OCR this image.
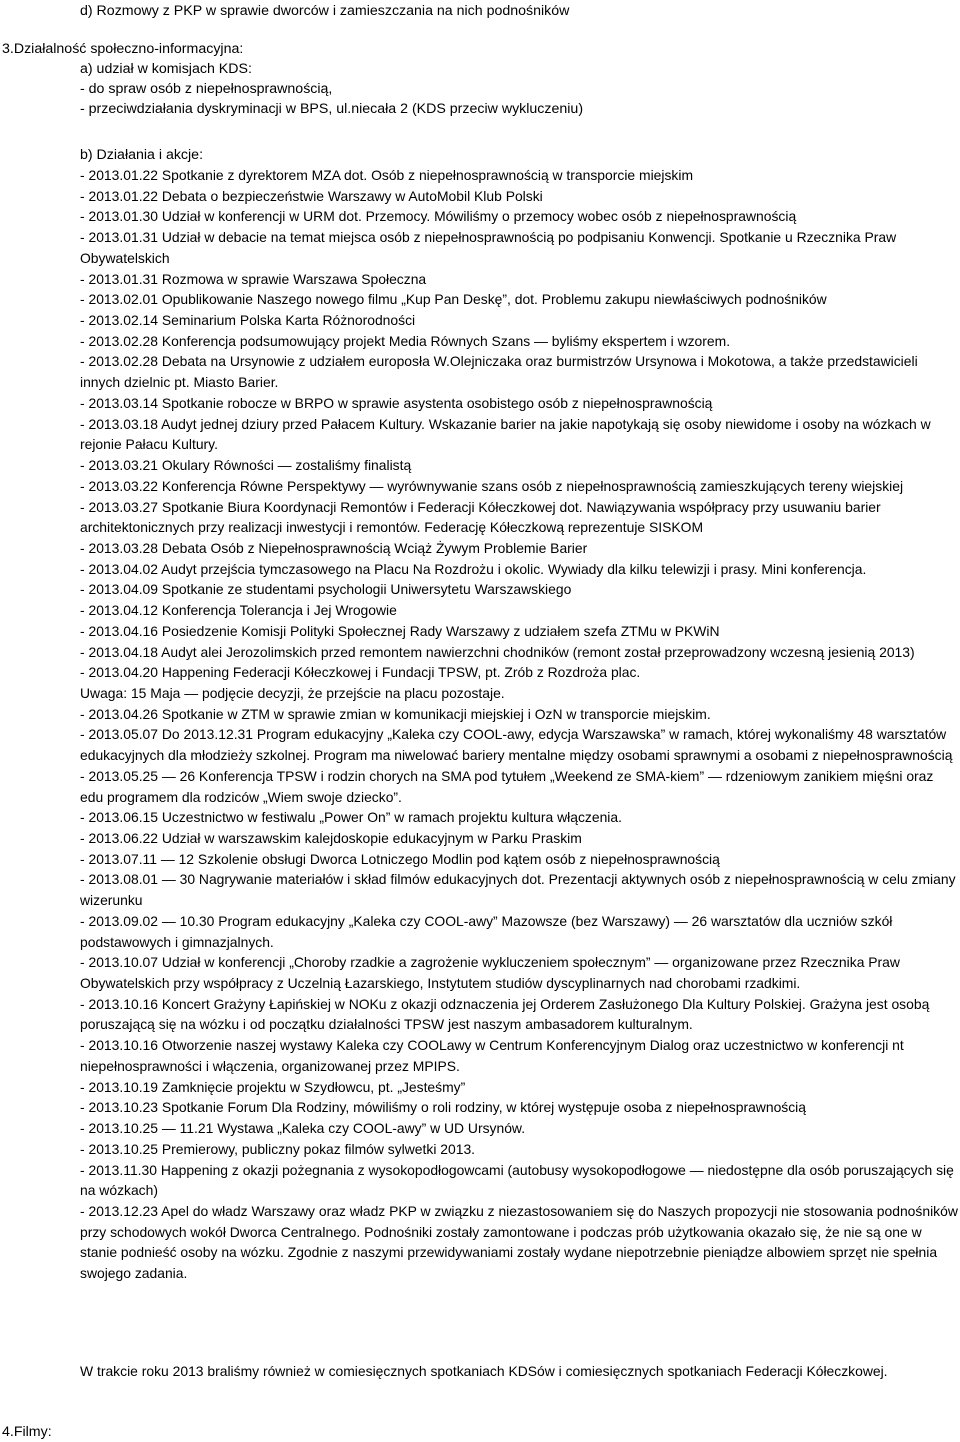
d) Rozmowy z PKP w sprawie dworców i zamieszczania na nich podnośników
3.Działalność społeczno-informacyjna:
a) udział w komisjach KDS:
- do spraw osób z niepełnosprawnością,
- przeciwdziałania dyskryminacji w BPS, ul.niecała 2 (KDS przeciw wykluczeniu)
b) Działania i akcje:

- 2013.01.22 Spotkanie z dyrektorem MZA dot. Osób z niepełnosprawnością w transporcie miejskim

- 2013.01.22 Debata o bezpieczeństwie Warszawy w AutoMobil Klub Polski

- 2013.01.30 Udział w konferencji w URM dot. Przemocy. Mówiliśmy o przemocy wobec osób z niepełnosprawnością

- 2013.01.31 Udział w debacie na temat miejsca osób z niepełnosprawnością po podpisaniu Konwencji. Spotkanie u Rzecznika Praw Obywatelskich

- 2013.01.31 Rozmowa w sprawie Warszawa Społeczna

- 2013.02.01 Opublikowanie Naszego nowego filmu „Kup Pan Deskę”, dot. Problemu zakupu niewłaściwych podnośników

- 2013.02.14 Seminarium Polska Karta Różnorodności

- 2013.02.28 Konferencja podsumowujący projekt Media Równych Szans — byliśmy ekspertem i wzorem.

- 2013.02.28 Debata na Ursynowie z udziałem europosła W.Olejniczaka oraz burmistrzów Ursynowa i Mokotowa, a także przedstawicieli innych dzielnic pt. Miasto Barier.

- 2013.03.14 Spotkanie robocze w BRPO w sprawie asystenta osobistego osób z niepełnosprawnością

- 2013.03.18 Audyt jednej dziury przed Pałacem Kultury. Wskazanie barier na jakie napotykają się osoby niewidome i osoby na wózkach w rejonie Pałacu Kultury.

- 2013.03.21 Okulary Równości — zostaliśmy finalistą

- 2013.03.22 Konferencja Równe Perspektywy — wyrównywanie szans osób z niepełnosprawnością zamieszkujących tereny wiejskiej

- 2013.03.27 Spotkanie Biura Koordynacji Remontów i Federacji Kółeczkowej dot. Nawiązywania współpracy przy usuwaniu barier architektonicznych przy realizacji inwestycji i remontów. Federację Kółeczkową reprezentuje SISKOM

- 2013.03.28 Debata Osób z Niepełnosprawnością Wciąż Żywym Problemie Barier

- 2013.04.02 Audyt przejścia tymczasowego na Placu Na Rozdrożu i okolic. Wywiady dla kilku telewizji i prasy. Mini konferencja.

- 2013.04.09 Spotkanie ze studentami psychologii Uniwersytetu Warszawskiego

- 2013.04.12 Konferencja Tolerancja i Jej Wrogowie

- 2013.04.16 Posiedzenie Komisji Polityki Społecznej Rady Warszawy z udziałem szefa ZTMu w PKWiN

- 2013.04.18 Audyt alei Jerozolimskich przed remontem nawierzchni chodników (remont został przeprowadzony wczesną jesienią 2013)

- 2013.04.20 Happening Federacji Kółeczkowej i Fundacji TPSW, pt. Zrób z Rozdroża plac.

Uwaga: 15 Maja — podjęcie decyzji, że przejście na placu pozostaje.

- 2013.04.26 Spotkanie w ZTM w sprawie zmian w komunikacji miejskiej i OzN w transporcie miejskim.

- 2013.05.07 Do 2013.12.31 Program edukacyjny „Kaleka czy COOL-awy, edycja Warszawska” w ramach, której wykonaliśmy 48 warsztatów edukacyjnych dla młodzieży szkolnej. Program ma niwelować bariery mentalne między osobami sprawnymi a osobami z niepełnosprawnością

- 2013.05.25 — 26 Konferencja TPSW i rodzin chorych na SMA pod tytułem „Weekend ze SMA-kiem” — rdzeniowym zanikiem mięśni oraz edu programem dla rodziców „Wiem swoje dziecko”.

- 2013.06.15 Uczestnictwo w festiwalu „Power On” w ramach projektu kultura włączenia.

- 2013.06.22 Udział w warszawskim kalejdoskopie edukacyjnym w Parku Praskim

- 2013.07.11 — 12 Szkolenie obsługi Dworca Lotniczego Modlin pod kątem osób z niepełnosprawnością

- 2013.08.01 — 30 Nagrywanie materiałów i skład filmów edukacyjnych dot. Prezentacji aktywnych osób z niepełnosprawnością w celu zmiany wizerunku

- 2013.09.02 — 10.30 Program edukacyjny „Kaleka czy COOL-awy” Mazowsze (bez Warszawy) — 26 warsztatów dla uczniów szkół podstawowych i gimnazjalnych.

- 2013.10.07 Udział w konferencji „Choroby rzadkie a zagrożenie wykluczeniem społecznym” — organizowane przez Rzecznika Praw Obywatelskich przy współpracy z Uczelnią Łazarskiego, Instytutem studiów dyscyplinarnych nad chorobami rzadkimi.

- 2013.10.16 Koncert Grażyny Łapińskiej w NOKu z okazji odznaczenia jej Orderem Zasłużonego Dla Kultury Polskiej. Grażyna jest osobą poruszającą się na wózku i od początku działalności TPSW jest naszym ambasadorem kulturalnym.

- 2013.10.16 Otworzenie naszej wystawy Kaleka czy COOLawy w Centrum Konferencyjnym Dialog oraz uczestnictwo w konferencji nt niepełnosprawności i włączenia, organizowanej przez MPIPS.

- 2013.10.19 Zamknięcie projektu w Szydłowcu, pt. „Jesteśmy”

- 2013.10.23 Spotkanie Forum Dla Rodziny, mówiliśmy o roli rodziny, w której występuje osoba z niepełnosprawnością

- 2013.10.25 — 11.21 Wystawa „Kaleka czy COOL-awy” w UD Ursynów.

- 2013.10.25 Premierowy, publiczny pokaz filmów sylwetki 2013.

- 2013.11.30 Happening z okazji pożegnania z wysokopodłogowcami (autobusy wysokopodłogowe — niedostępne dla osób poruszających się na wózkach)

- 2013.12.23 Apel do władz Warszawy oraz władz PKP w związku z niezastosowaniem się do Naszych propozycji nie stosowania podnośników przy schodowych wokół Dworca Centralnego. Podnośniki zostały zamontowane i podczas prób użytkowania okazało się, że nie są one w stanie podnieść osoby na wózku. Zgodnie z naszymi przewidywaniami zostały wydane niepotrzebnie pieniądze albowiem sprzęt nie spełnia swojego zadania.

W trakcie roku 2013 braliśmy również w comiesięcznych spotkaniach KDSów i comiesięcznych spotkaniach Federacji Kółeczkowej.
4.Filmy:
